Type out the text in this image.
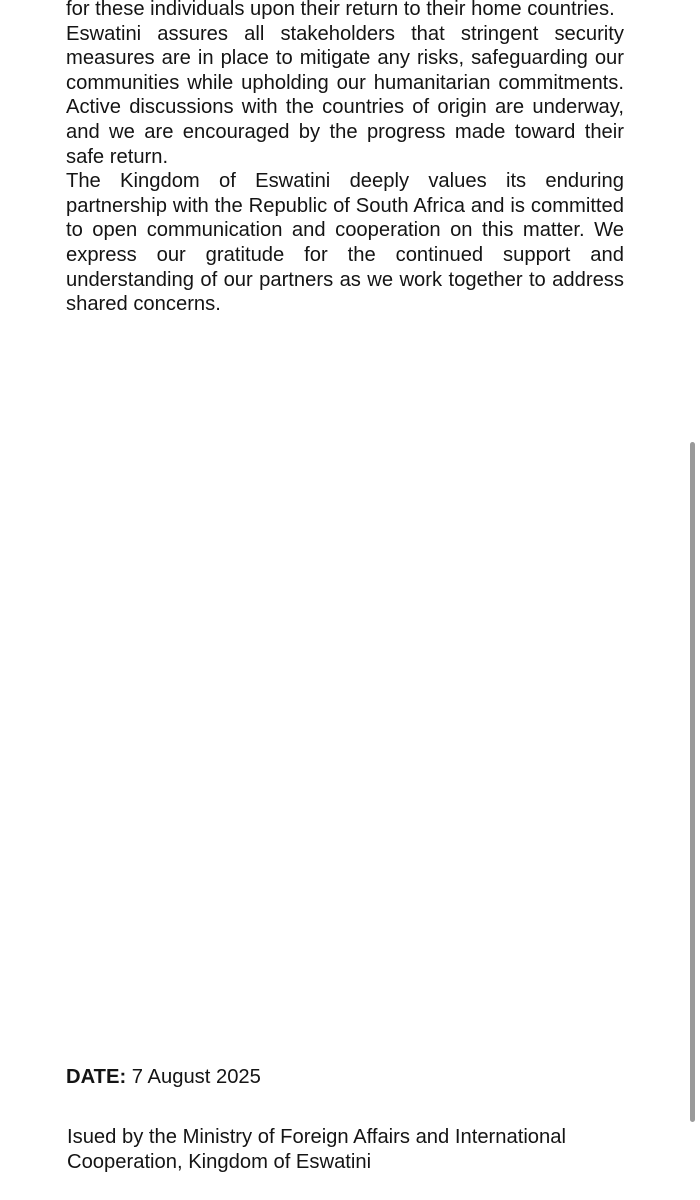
for these individuals upon their return to their home countries.

Eswatini assures all stakeholders that stringent security measures are in place to mitigate any risks, safeguarding our communities while upholding our humanitarian commitments. Active discussions with the countries of origin are underway, and we are encouraged by the progress made toward their safe return.

The Kingdom of Eswatini deeply values its enduring partnership with the Republic of South Africa and is committed to open communication and cooperation on this matter. We express our gratitude for the continued support and understanding of our partners as we work together to address shared concerns.

DATE: 7 August 2025

Isued by the Ministry of Foreign Affairs and International Cooperation, Kingdom of Eswatini
